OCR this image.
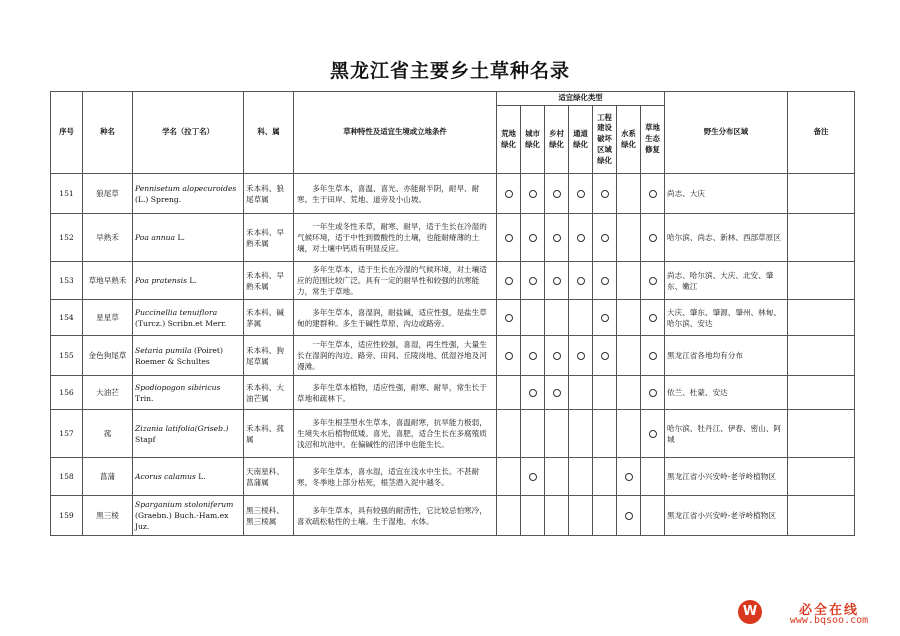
黑龙江省主要乡土草种名录
序号	种名	学名（拉丁名）	科、属	草种特性及适宜生境或立地条件	适宜绿化类型							野生分布区域	备注
					荒地绿化	城市绿化	乡村绿化	通道绿化	工程建设破坏区域绿化	水系绿化	草地生态修复		
151	狼尾草	Pennisetum alopecuroides (L.) Spreng.	禾本科、狼尾草属	多年生草本，喜温、喜光、亦能耐半阴，耐旱、耐寒。生于田岸、荒地、道旁及小山坡。								尚志、大庆	
152	早熟禾	Poa annua L.	禾本科、早熟禾属	一年生或冬性禾草，耐寒、耐旱，适于生长在冷湿的气候环境，适于中性到微酸性的土壤，也能耐瘠薄的土壤，对土壤中钙质有明显反应。								哈尔滨、尚志、新林、西部草原区	
153	草地早熟禾	Poa pratensis L.	禾本科、早熟禾属	多年生草本，适于生长在冷湿的气候环境，对土壤适应的范围比较广泛。具有一定的耐旱性和较强的抗寒能力，常生于草地。								尚志、哈尔滨、大庆、北安、肇东、嫩江	
154	星星草	Puccinellia tenuiflora (Turcz.) Scribn.et Merr.	禾本科、碱茅属	多年生草本，喜湿润，耐盐碱，适应性强，是盐生草甸的建群种。多生于碱性草原、沟边或路旁。								大庆、肇东、肇源、肇州、林甸、哈尔滨、安达	
155	金色狗尾草	Setaria pumila (Poiret) Roemer & Schultes	禾本科、狗尾草属	一年生草本，适应性较强，喜湿，再生性强，大量生长在湿润的沟边、路旁、田间、丘陵岗地、低湿谷地及河漫滩。								黑龙江省各地均有分布	
156	大油芒	Spodiopogon sibiricus Trin.	禾本科、大油芒属	多年生草本植物，适应性强，耐寒、耐旱，常生长于草地和疏林下。								依兰、杜蒙、安达	
157	菰	Zizania latifolia(Griseb.) Stapf	禾本科、菰属	多年生根茎型水生草本，喜温耐寒，抗旱能力极弱，生境失水后植物低矮。喜光，喜肥，适合生长在多腐殖质浅沼和坑池中。在偏碱性的沼泽中也能生长。								哈尔滨、牡丹江、伊春、密山、阿城	
158	菖蒲	Acorus calamus L.	天南星科、菖蒲属	多年生草本，喜水湿，适宜在浅水中生长。不甚耐寒，冬季地上部分枯死，根茎潜入泥中越冬。								黑龙江省小兴安岭-老爷岭植物区	
159	黑三棱	Sparganium stoloniferum (Graebn.) Buch.-Ham.ex Juz.	黑三棱科、黑三棱属	多年生草本，具有较强的耐涝性，它比较忌怕寒冷，喜欢疏松粘性的土壤。生于湿地、水体。								黑龙江省小兴安岭-老爷岭植物区	
W	必全在线
www.bqsoo.com
